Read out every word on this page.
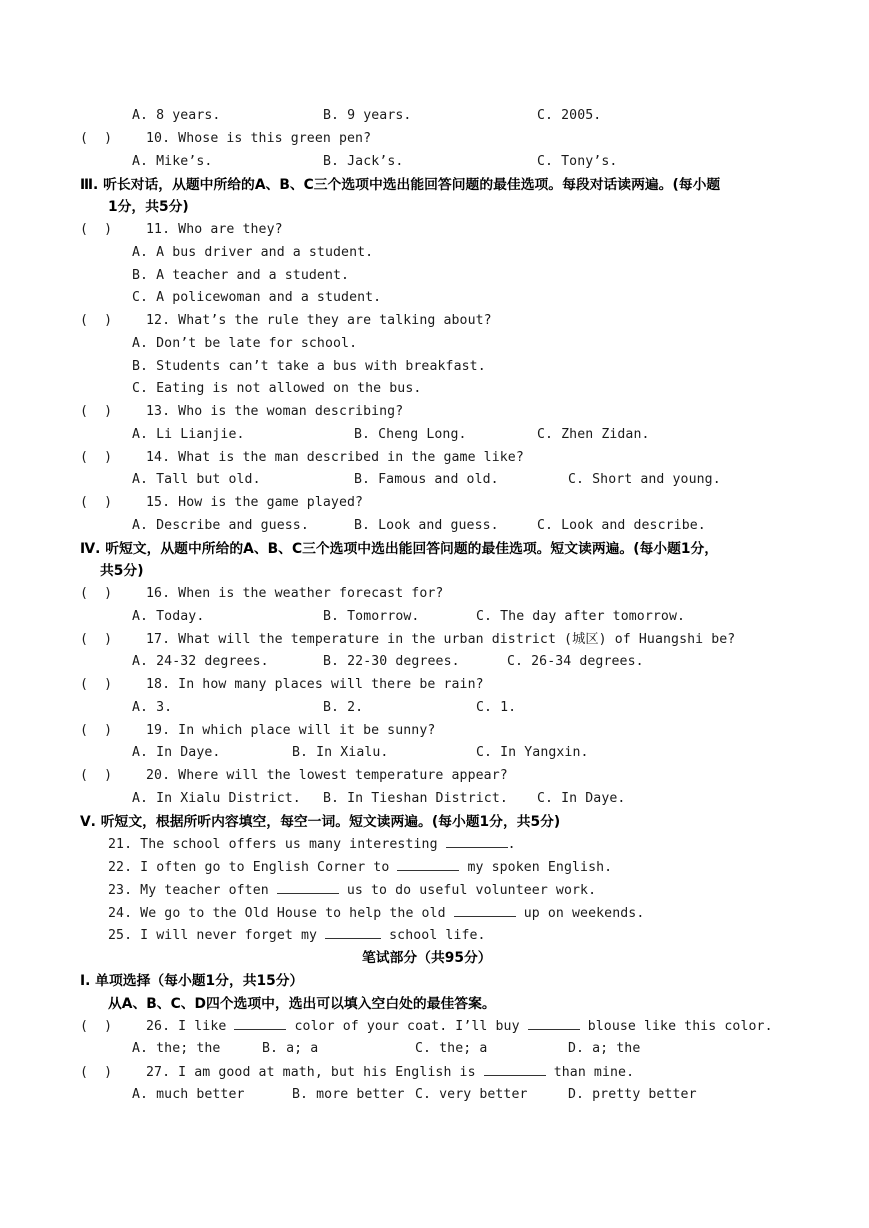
A. 8 years.	B. 9 years.	C. 2005.
(  )	10. Whose is this green pen?
A. Mike’s.	B. Jack’s.	C. Tony’s.
Ⅲ. 听长对话，从题中所给的A、B、C三个选项中选出能回答问题的最佳选项。每段对话读两遍。(每小题
1分，共5分)
(  )	11. Who are they?
A. A bus driver and a student.
B. A teacher and a student.
C. A policewoman and a student.
(  )	12. What’s the rule they are talking about?
A. Don’t be late for school.
B. Students can’t take a bus with breakfast.
C. Eating is not allowed on the bus.
(  )	13. Who is the woman describing?
A. Li Lianjie.	B. Cheng Long.	C. Zhen Zidan.
(  )	14. What is the man described in the game like?
A. Tall but old.	B. Famous and old.	C. Short and young.
(  )	15. How is the game played?
A. Describe and guess.	B. Look and guess.	C. Look and describe.
Ⅳ. 听短文，从题中所给的A、B、C三个选项中选出能回答问题的最佳选项。短文读两遍。(每小题1分，
共5分)
(  )	16. When is the weather forecast for?
A. Today.	B. Tomorrow.	C. The day after tomorrow.
(  )	17. What will the temperature in the urban district (城区) of Huangshi be?
A. 24-32 degrees.	B. 22-30 degrees.	C. 26-34 degrees.
(  )	18. In how many places will there be rain?
A. 3.	B. 2.	C. 1.
(  )	19. In which place will it be sunny?
A. In Daye.	B. In Xialu.	C. In Yangxin.
(  )	20. Where will the lowest temperature appear?
A. In Xialu District. B. In Tieshan District. C. In Daye.
Ⅴ. 听短文，根据所听内容填空，每空一词。短文读两遍。(每小题1分，共5分)
21. The school offers us many interesting	.
22. I often go to English Corner to	my spoken English.
23. My teacher often	us to do useful volunteer work.
24. We go to the Old House to help the old	up on weekends.
25. I will never forget my	school life.
笔试部分（共95分）
Ⅰ. 单项选择（每小题1分，共15分）
从A、B、C、D四个选项中，选出可以填入空白处的最佳答案。
(  )	26. I like	color of your coat. I’ll buy	blouse like this color.
A. the; the	B. a; a	C. the; a	D. a; the
(  )	27. I am good at math, but his English is	than mine.
A. much better	B. more better C. very better	D. pretty better
